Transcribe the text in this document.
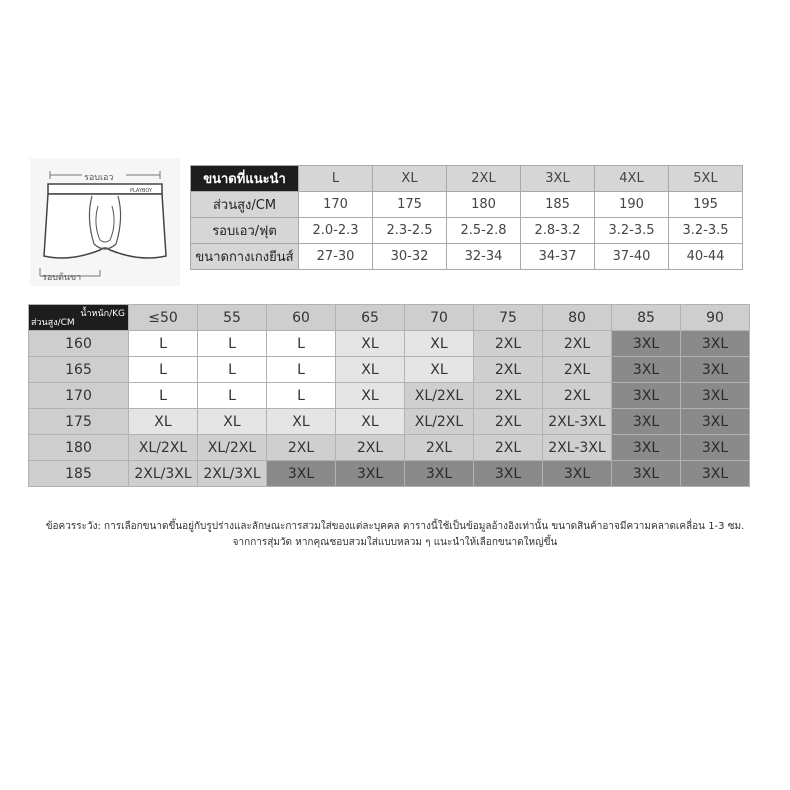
PLAYBOY
รอบเอว
รอบต้นขา
ขนาดที่แนะนำ	L	XL	2XL	3XL	4XL	5XL
ส่วนสูง/CM	170	175	180	185	190	195
รอบเอว/ฟุต	2.0-2.3	2.3-2.5	2.5-2.8	2.8-3.2	3.2-3.5	3.2-3.5
ขนาดกางเกงยีนส์	27-30	30-32	32-34	34-37	37-40	40-44
น้ำหนัก/KG
ส่วนสูง/CM	≤50	55	60	65	70	75	80	85	90
160	L	L	L	XL	XL	2XL	2XL	3XL	3XL
165	L	L	L	XL	XL	2XL	2XL	3XL	3XL
170	L	L	L	XL	XL/2XL	2XL	2XL	3XL	3XL
175	XL	XL	XL	XL	XL/2XL	2XL	2XL-3XL	3XL	3XL
180	XL/2XL	XL/2XL	2XL	2XL	2XL	2XL	2XL-3XL	3XL	3XL
185	2XL/3XL	2XL/3XL	3XL	3XL	3XL	3XL	3XL	3XL	3XL
ข้อควรระวัง: การเลือกขนาดขึ้นอยู่กับรูปร่างและลักษณะการสวมใส่ของแต่ละบุคคล ตารางนี้ใช้เป็นข้อมูลอ้างอิงเท่านั้น ขนาดสินค้าอาจมีความคลาดเคลื่อน 1-3 ซม.
จากการสุ่มวัด หากคุณชอบสวมใส่แบบหลวม ๆ แนะนำให้เลือกขนาดใหญ่ขึ้น
